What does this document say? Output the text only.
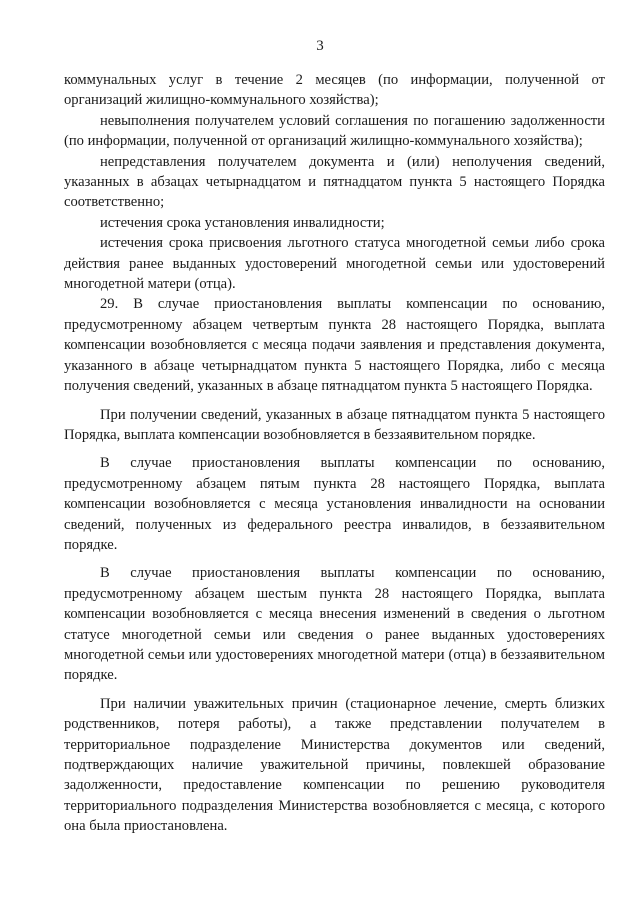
3

коммунальных услуг в течение 2 месяцев (по информации, полученной от организаций жилищно-коммунального хозяйства);

невыполнения получателем условий соглашения по погашению задолженности (по информации, полученной от организаций жилищно-коммунального хозяйства);

непредставления получателем документа и (или) неполучения сведений, указанных в абзацах четырнадцатом и пятнадцатом пункта 5 настоящего Порядка соответственно;

истечения срока установления инвалидности;

истечения срока присвоения льготного статуса многодетной семьи либо срока действия ранее выданных удостоверений многодетной семьи или удостоверений многодетной матери (отца).

29. В случае приостановления выплаты компенсации по основанию, предусмотренному абзацем четвертым пункта 28 настоящего Порядка, выплата компенсации возобновляется с месяца подачи заявления и представления документа, указанного в абзаце четырнадцатом пункта 5 настоящего Порядка, либо с месяца получения сведений, указанных в абзаце пятнадцатом пункта 5 настоящего Порядка.

При получении сведений, указанных в абзаце пятнадцатом пункта 5 настоящего Порядка, выплата компенсации возобновляется в беззаявительном порядке.

В случае приостановления выплаты компенсации по основанию, предусмотренному абзацем пятым пункта 28 настоящего Порядка, выплата компенсации возобновляется с месяца установления инвалидности на основании сведений, полученных из федерального реестра инвалидов, в беззаявительном порядке.

В случае приостановления выплаты компенсации по основанию, предусмотренному абзацем шестым пункта 28 настоящего Порядка, выплата компенсации возобновляется с месяца внесения изменений в сведения о льготном статусе многодетной семьи или сведения о ранее выданных удостоверениях многодетной семьи или удостоверениях многодетной матери (отца) в беззаявительном порядке.

При наличии уважительных причин (стационарное лечение, смерть близких родственников, потеря работы), а также представлении получателем в территориальное подразделение Министерства документов или сведений, подтверждающих наличие уважительной причины, повлекшей образование задолженности, предоставление компенсации по решению руководителя территориального подразделения Министерства возобновляется с месяца, с которого она была приостановлена.
